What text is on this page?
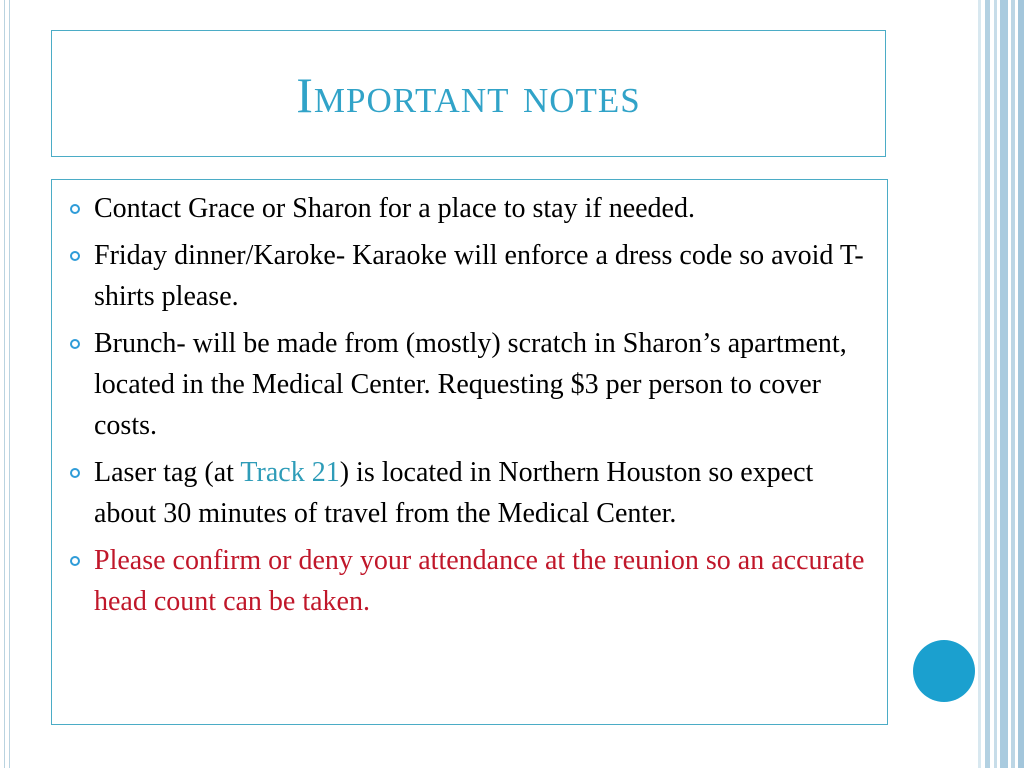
Important notes
Contact Grace or Sharon for a place to stay if needed.
Friday dinner/Karoke- Karaoke will enforce a dress code so avoid T-shirts please.
Brunch- will be made from (mostly) scratch in Sharon’s apartment, located in the Medical Center. Requesting $3 per person to cover costs.
Laser tag (at Track 21) is located in Northern Houston so expect about 30 minutes of travel from the Medical Center.
Please confirm or deny your attendance at the reunion so an accurate head count can be taken.
